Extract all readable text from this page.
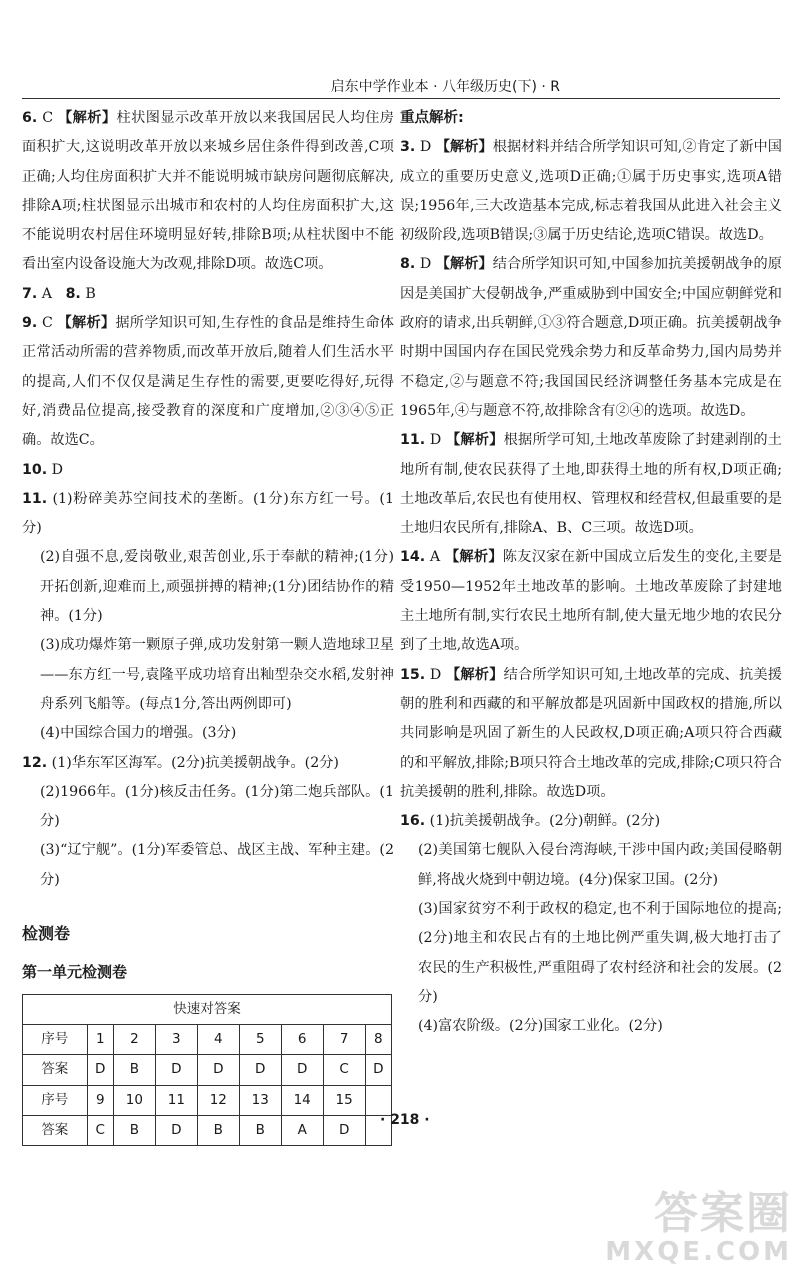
启东中学作业本 · 八年级历史(下) · R

6. C 【解析】柱状图显示改革开放以来我国居民人均住房面积扩大,这说明改革开放以来城乡居住条件得到改善,C项正确;人均住房面积扩大并不能说明城市缺房问题彻底解决,排除A项;柱状图显示出城市和农村的人均住房面积扩大,这不能说明农村居住环境明显好转,排除B项;从柱状图中不能看出室内设备设施大为改观,排除D项。故选C项。

7. A 8. B

9. C 【解析】据所学知识可知,生存性的食品是维持生命体正常活动所需的营养物质,而改革开放后,随着人们生活水平的提高,人们不仅仅是满足生存性的需要,更要吃得好,玩得好,消费品位提高,接受教育的深度和广度增加,②③④⑤正确。故选C。

10. D

11. (1)粉碎美苏空间技术的垄断。(1分)东方红一号。(1分)

(2)自强不息,爱岗敬业,艰苦创业,乐于奉献的精神;(1分)开拓创新,迎难而上,顽强拼搏的精神;(1分)团结协作的精神。(1分)

(3)成功爆炸第一颗原子弹,成功发射第一颗人造地球卫星——东方红一号,袁隆平成功培育出籼型杂交水稻,发射神舟系列飞船等。(每点1分,答出两例即可)

(4)中国综合国力的增强。(3分)

12. (1)华东军区海军。(2分)抗美援朝战争。(2分)

(2)1966年。(1分)核反击任务。(1分)第二炮兵部队。(1分)

(3)“辽宁舰”。(1分)军委管总、战区主战、军种主建。(2分)

检测卷
第一单元检测卷
快速对答案								
序号	1	2	3	4	5	6	7	8
答案	D	B	D	D	D	D	C	D
序号	9	10	11	12	13	14	15	
答案	C	B	D	B	B	A	D	
重点解析:

3. D 【解析】根据材料并结合所学知识可知,②肯定了新中国成立的重要历史意义,选项D正确;①属于历史事实,选项A错误;1956年,三大改造基本完成,标志着我国从此进入社会主义初级阶段,选项B错误;③属于历史结论,选项C错误。故选D。

8. D 【解析】结合所学知识可知,中国参加抗美援朝战争的原因是美国扩大侵朝战争,严重威胁到中国安全;中国应朝鲜党和政府的请求,出兵朝鲜,①③符合题意,D项正确。抗美援朝战争时期中国国内存在国民党残余势力和反革命势力,国内局势并不稳定,②与题意不符;我国国民经济调整任务基本完成是在1965年,④与题意不符,故排除含有②④的选项。故选D。

11. D 【解析】根据所学可知,土地改革废除了封建剥削的土地所有制,使农民获得了土地,即获得土地的所有权,D项正确;土地改革后,农民也有使用权、管理权和经营权,但最重要的是土地归农民所有,排除A、B、C三项。故选D项。

14. A 【解析】陈友汉家在新中国成立后发生的变化,主要是受1950—1952年土地改革的影响。土地改革废除了封建地主土地所有制,实行农民土地所有制,使大量无地少地的农民分到了土地,故选A项。

15. D 【解析】结合所学知识可知,土地改革的完成、抗美援朝的胜利和西藏的和平解放都是巩固新中国政权的措施,所以共同影响是巩固了新生的人民政权,D项正确;A项只符合西藏的和平解放,排除;B项只符合土地改革的完成,排除;C项只符合抗美援朝的胜利,排除。故选D项。

16. (1)抗美援朝战争。(2分)朝鲜。(2分)

(2)美国第七舰队入侵台湾海峡,干涉中国内政;美国侵略朝鲜,将战火烧到中朝边境。(4分)保家卫国。(2分)

(3)国家贫穷不利于政权的稳定,也不利于国际地位的提高;(2分)地主和农民占有的土地比例严重失调,极大地打击了农民的生产积极性,严重阻碍了农村经济和社会的发展。(2分)

(4)富农阶级。(2分)国家工业化。(2分)

· 218 ·
答案圈
MXQE.COM
